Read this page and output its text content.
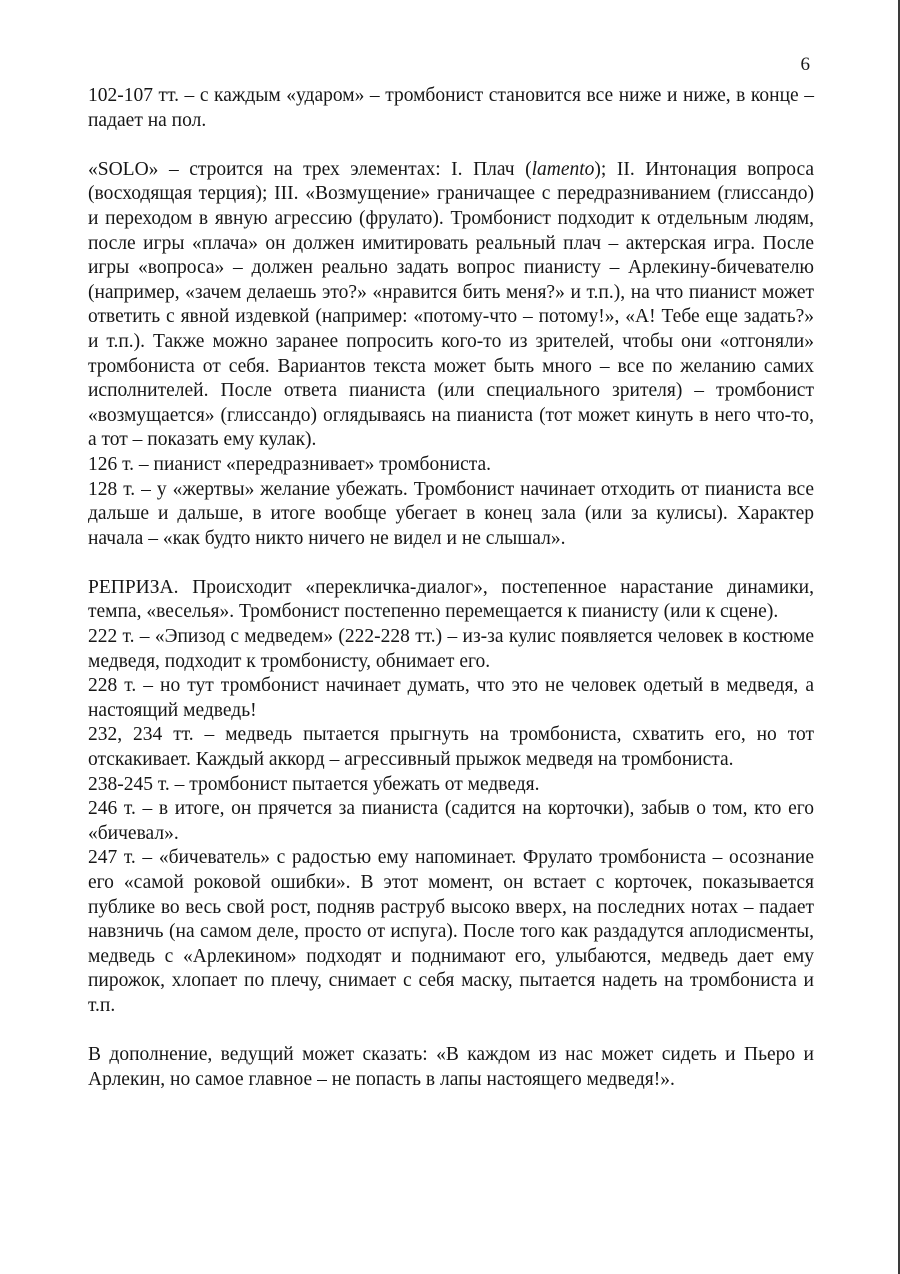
6

102-107 тт. – с каждым «ударом» – тромбонист становится все ниже и ниже, в конце – падает на пол.

«SOLO» – строится на трех элементах: I. Плач (lamento); II. Интонация вопроса (восходящая терция); III. «Возмущение» граничащее с передразниванием (глиссандо) и переходом в явную агрессию (фрулато). Тромбонист подходит к отдельным людям, после игры «плача» он должен имитировать реальный плач – актерская игра. После игры «вопроса» – должен реально задать вопрос пианисту – Арлекину-бичевателю (например, «зачем делаешь это?» «нравится бить меня?» и т.п.), на что пианист может ответить с явной издевкой (например: «потому-что – потому!», «А! Тебе еще задать?» и т.п.). Также можно заранее попросить кого-то из зрителей, чтобы они «отгоняли» тромбониста от себя. Вариантов текста может быть много – все по желанию самих исполнителей. После ответа пианиста (или специального зрителя) – тромбонист «возмущается» (глиссандо) оглядываясь на пианиста (тот может кинуть в него что-то, а тот – показать ему кулак).

126 т. – пианист «передразнивает» тромбониста.

128 т. – у «жертвы» желание убежать. Тромбонист начинает отходить от пианиста все дальше и дальше, в итоге вообще убегает в конец зала (или за кулисы). Характер начала – «как будто никто ничего не видел и не слышал».

РЕПРИЗА. Происходит «перекличка-диалог», постепенное нарастание динамики, темпа, «веселья». Тромбонист постепенно перемещается к пианисту (или к сцене).

222 т. – «Эпизод с медведем» (222-228 тт.) – из-за кулис появляется человек в костюме медведя, подходит к тромбонисту, обнимает его.

228 т. – но тут тромбонист начинает думать, что это не человек одетый в медведя, а настоящий медведь!

232, 234 тт. – медведь пытается прыгнуть на тромбониста, схватить его, но тот отскакивает. Каждый аккорд – агрессивный прыжок медведя на тромбониста.

238-245 т. – тромбонист пытается убежать от медведя.

246 т. – в итоге, он прячется за пианиста (садится на корточки), забыв о том, кто его «бичевал».

247 т. – «бичеватель» с радостью ему напоминает. Фрулато тромбониста – осознание его «самой роковой ошибки». В этот момент, он встает с корточек, показывается публике во весь свой рост, подняв раструб высоко вверх, на последних нотах – падает навзничь (на самом деле, просто от испуга). После того как раздадутся аплодисменты, медведь с «Арлекином» подходят и поднимают его, улыбаются, медведь дает ему пирожок, хлопает по плечу, снимает с себя маску, пытается надеть на тромбониста и т.п.

В дополнение, ведущий может сказать: «В каждом из нас может сидеть и Пьеро и Арлекин, но самое главное – не попасть в лапы настоящего медведя!».
